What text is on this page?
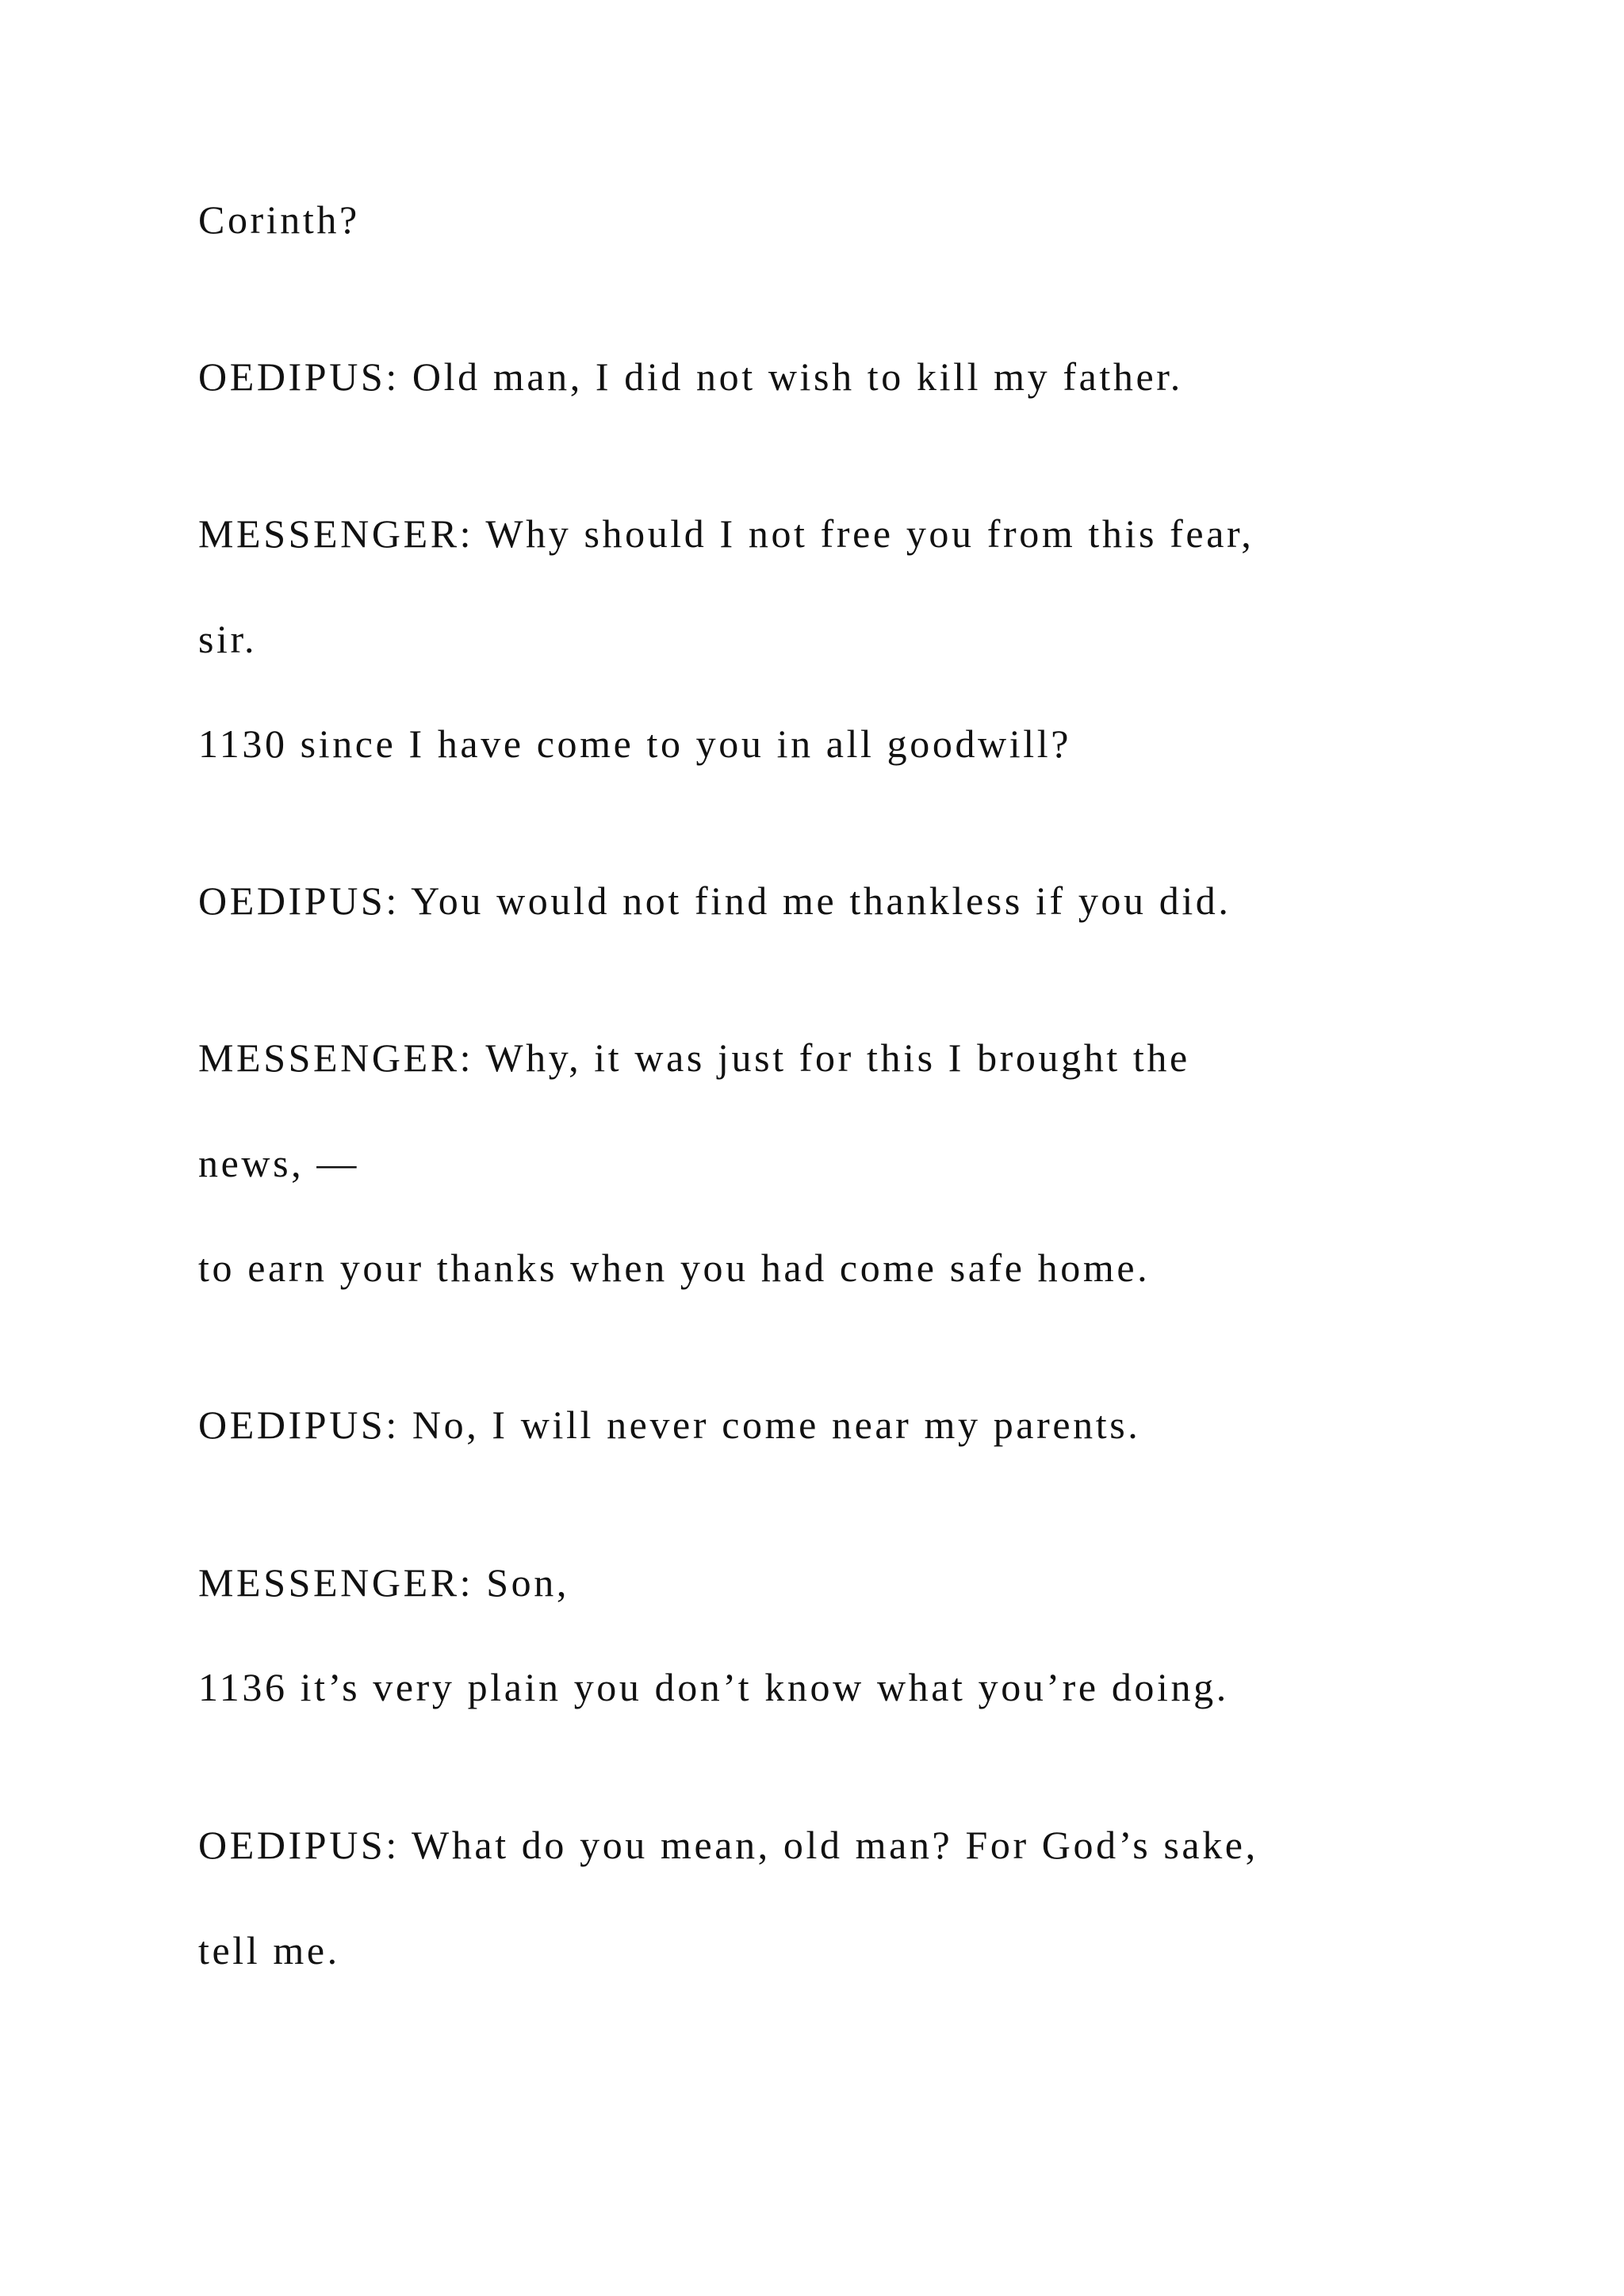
Corinth?

OEDIPUS: Old man, I did not wish to kill my father.

MESSENGER: Why should I not free you from this fear,

sir.

1130 since I have come to you in all goodwill?

OEDIPUS: You would not find me thankless if you did.

MESSENGER: Why, it was just for this I brought the

news, —

to earn your thanks when you had come safe home.

OEDIPUS: No, I will never come near my parents.

MESSENGER: Son,

1136 it’s very plain you don’t know what you’re doing.

OEDIPUS: What do you mean, old man? For God’s sake,

tell me.
